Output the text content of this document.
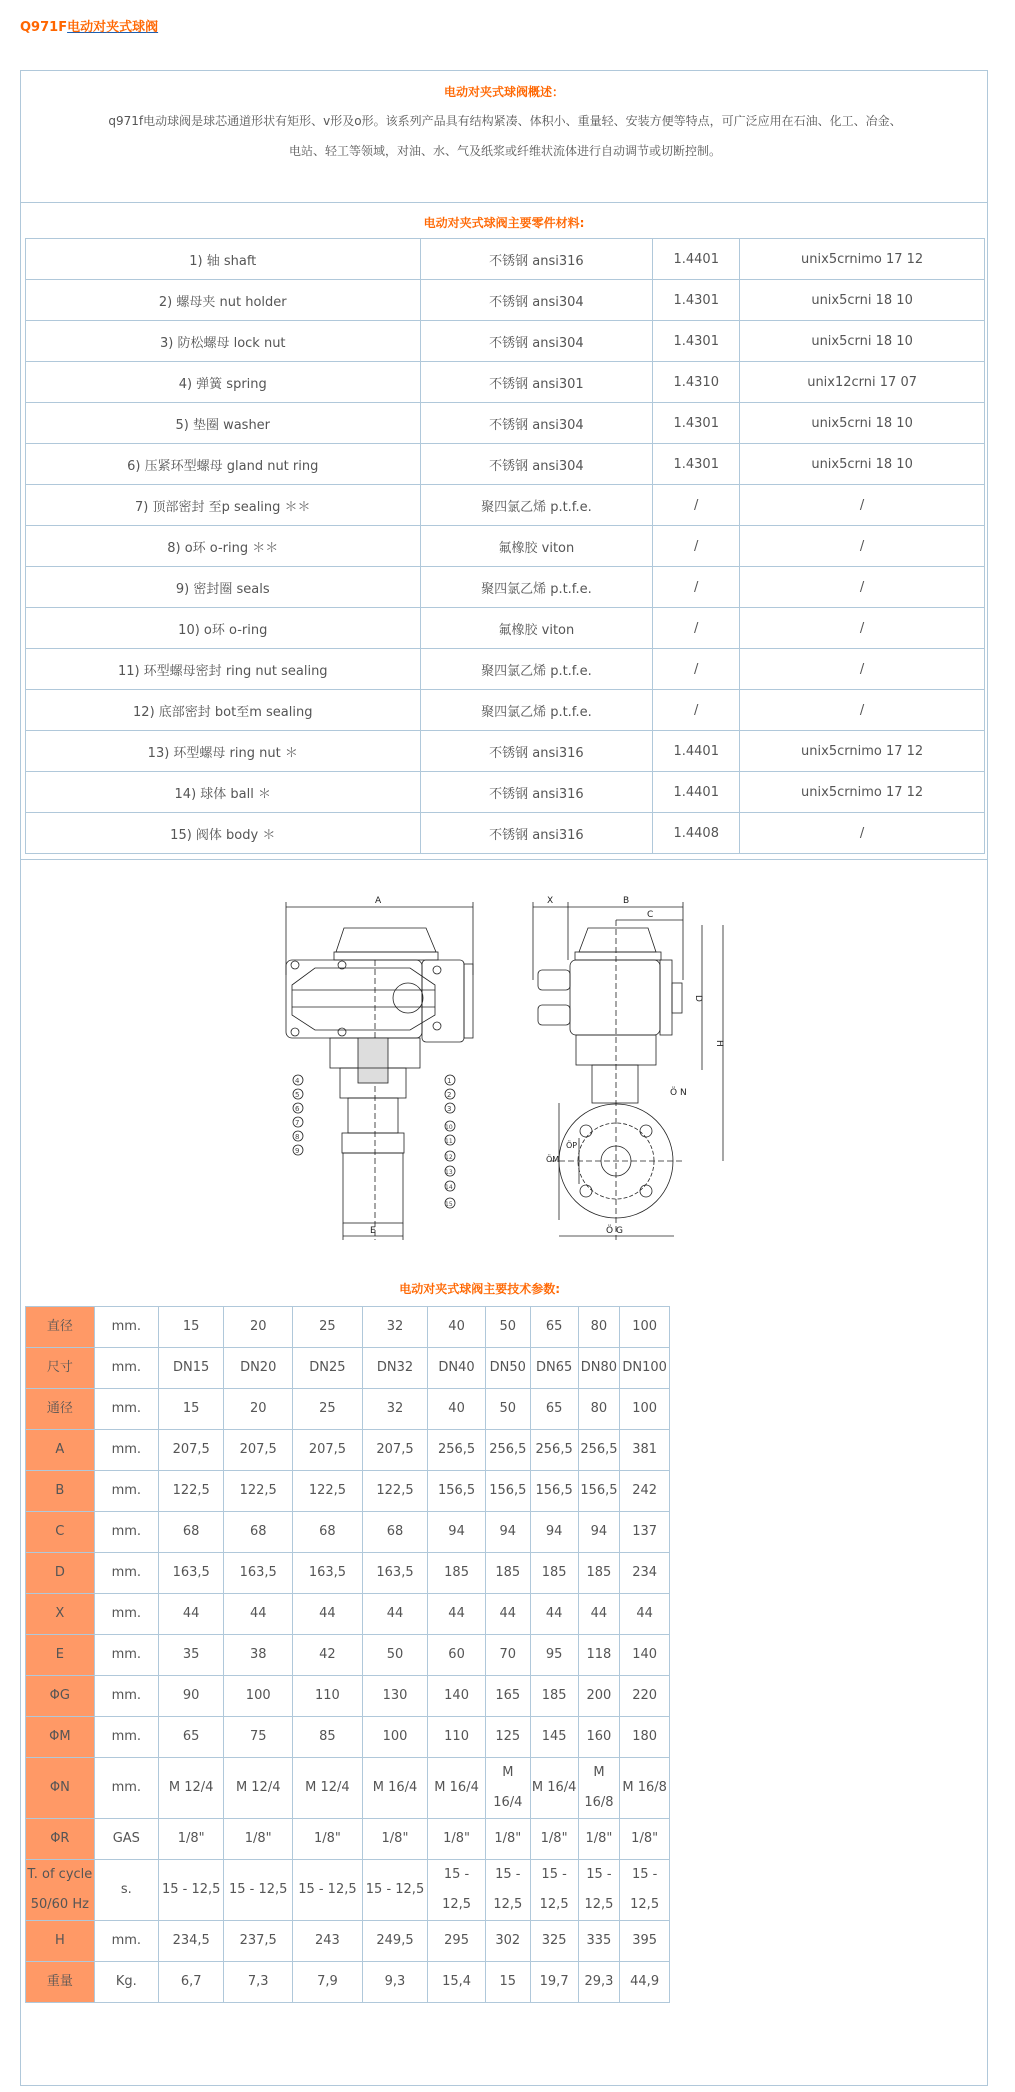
Q971F电动对夹式球阀
电动对夹式球阀概述：
q971f电动球阀是球芯通道形状有矩形、v形及o形。该系列产品具有结构紧凑、体积小、重量轻、安装方便等特点，可广泛应用在石油、化工、冶金、
电站、轻工等领域，对油、水、气及纸浆或纤维状流体进行自动调节或切断控制。
电动对夹式球阀主要零件材料:
1) 轴 shaft	不锈钢 ansi316	1.4401	unix5crnimo 17 12
2) 螺母夹 nut holder	不锈钢 ansi304	1.4301	unix5crni 18 10
3) 防松螺母 lock nut	不锈钢 ansi304	1.4301	unix5crni 18 10
4) 弹簧 spring	不锈钢 ansi301	1.4310	unix12crni 17 07
5) 垫圈 washer	不锈钢 ansi304	1.4301	unix5crni 18 10
6) 压紧环型螺母 gland nut ring	不锈钢 ansi304	1.4301	unix5crni 18 10
7) 顶部密封 至p sealing ＊＊	聚四氯乙烯 p.t.f.e.	/	/
8) o环 o-ring ＊＊	氟橡胶 viton	/	/
9) 密封圈 seals	聚四氯乙烯 p.t.f.e.	/	/
10) o环 o-ring	氟橡胶 viton	/	/
11) 环型螺母密封 ring nut sealing	聚四氯乙烯 p.t.f.e.	/	/
12) 底部密封 bot至m sealing	聚四氯乙烯 p.t.f.e.	/	/
13) 环型螺母 ring nut ＊	不锈钢 ansi316	1.4401	unix5crnimo 17 12
14) 球体 ball ＊	不锈钢 ansi316	1.4401	unix5crnimo 17 12
15) 阀体 body ＊	不锈钢 ansi316	1.4408	/
A
E
4
5
6
7
8
9
1
2
3
10
11
12
13
14
15
X	B
C
D
H
ÖM
ÖP
Ö G
Ö N
电动对夹式球阀主要技术参数:
直径	mm.	15	20	25	32	40	50	65	80	100
尺寸	mm.	DN15	DN20	DN25	DN32	DN40	DN50	DN65	DN80	DN100
通径	mm.	15	20	25	32	40	50	65	80	100
A	mm.	207,5	207,5	207,5	207,5	256,5	256,5	256,5	256,5	381
B	mm.	122,5	122,5	122,5	122,5	156,5	156,5	156,5	156,5	242
C	mm.	68	68	68	68	94	94	94	94	137
D	mm.	163,5	163,5	163,5	163,5	185	185	185	185	234
X	mm.	44	44	44	44	44	44	44	44	44
E	mm.	35	38	42	50	60	70	95	118	140
ΦG	mm.	90	100	110	130	140	165	185	200	220
ΦM	mm.	65	75	85	100	110	125	145	160	180
ΦN	mm.	M 12/4	M 12/4	M 12/4	M 16/4	M 16/4	M 16/4	M 16/4	M 16/8	M 16/8
ΦR	GAS	1/8"	1/8"	1/8"	1/8"	1/8"	1/8"	1/8"	1/8"	1/8"
T. of cycle 50/60 Hz	s.	15 - 12,5	15 - 12,5	15 - 12,5	15 - 12,5	15 - 12,5	15 - 12,5	15 - 12,5	15 - 12,5	15 - 12,5
H	mm.	234,5	237,5	243	249,5	295	302	325	335	395
重量	Kg.	6,7	7,3	7,9	9,3	15,4	15	19,7	29,3	44,9
